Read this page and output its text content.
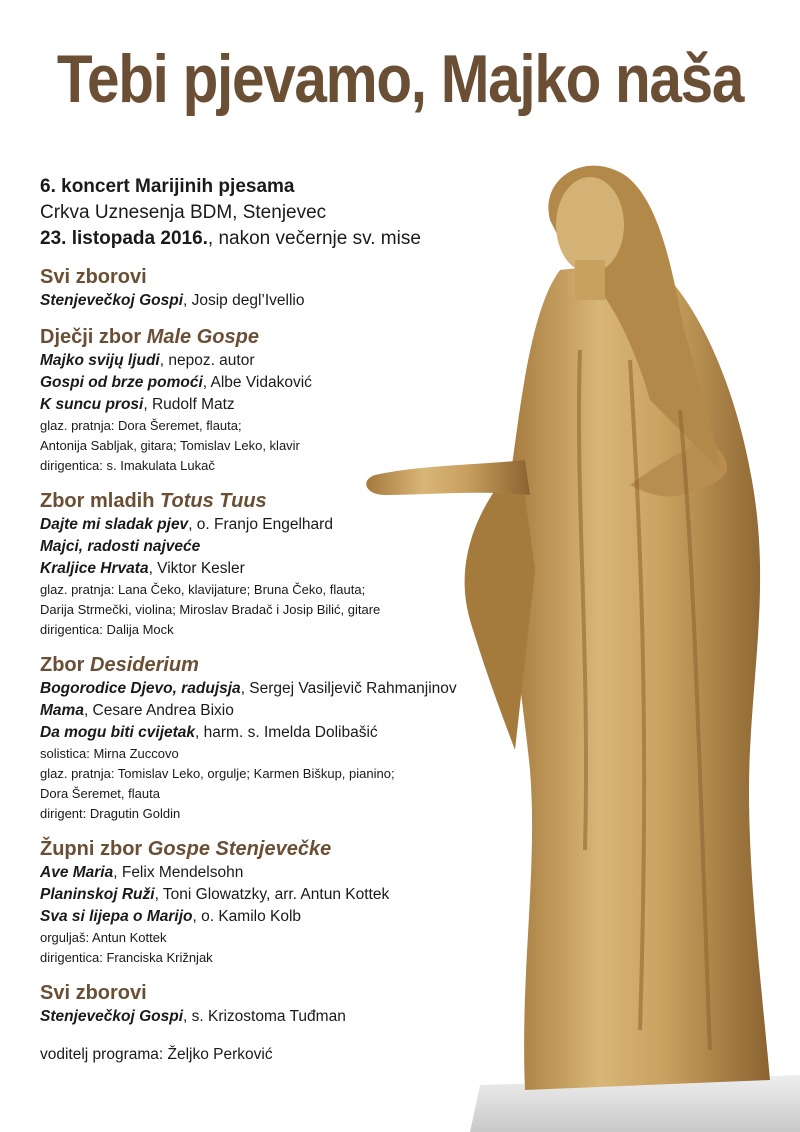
Tebi pjevamo, Majko naša
6. koncert Marijinih pjesama
Crkva Uznesenja BDM, Stenjevec
23. listopada 2016., nakon večernje sv. mise
Svi zborovi
Stenjevečkoj Gospi, Josip degl’Ivellio
Dječji zbor Male Gospe
Majko svijų ljudi, nepoz. autor
Gospi od brze pomoći, Albe Vidaković
K suncu prosi, Rudolf Matz
glaz. pratnja: Dora Šeremet, flauta;
Antonija Sabljak, gitara; Tomislav Leko, klavir
dirigentica: s. Imakulata Lukač
Zbor mladih Totus Tuus
Dajte mi sladak pjev, o. Franjo Engelhard
Majci, radosti najveće
Kraljice Hrvata, Viktor Kesler
glaz. pratnja: Lana Čeko, klavijature; Bruna Čeko, flauta;
Darija Strmečki, violina; Miroslav Bradač i Josip Bilić, gitare
dirigentica: Dalija Mock
Zbor Desiderium
Bogorodice Djevo, radujsja, Sergej Vasiljevič Rahmanjinov
Mama, Cesare Andrea Bixio
Da mogu biti cvijetak, harm. s. Imelda Dolibašić
solistica: Mirna Zuccovo
glaz. pratnja: Tomislav Leko, orgulje; Karmen Biškup, pianino;
Dora Šeremet, flauta
dirigent: Dragutin Goldin
Župni zbor Gospe Stenjevečke
Ave Maria, Felix Mendelsohn
Planinskoj Ruži, Toni Glowatzky, arr. Antun Kottek
Sva si lijepa o Marijo, o. Kamilo Kolb
orguljaš: Antun Kottek
dirigentica: Franciska Križnjak
Svi zborovi
Stenjevečkoj Gospi, s. Krizostoma Tuđman
voditelj programa: Željko Perković
